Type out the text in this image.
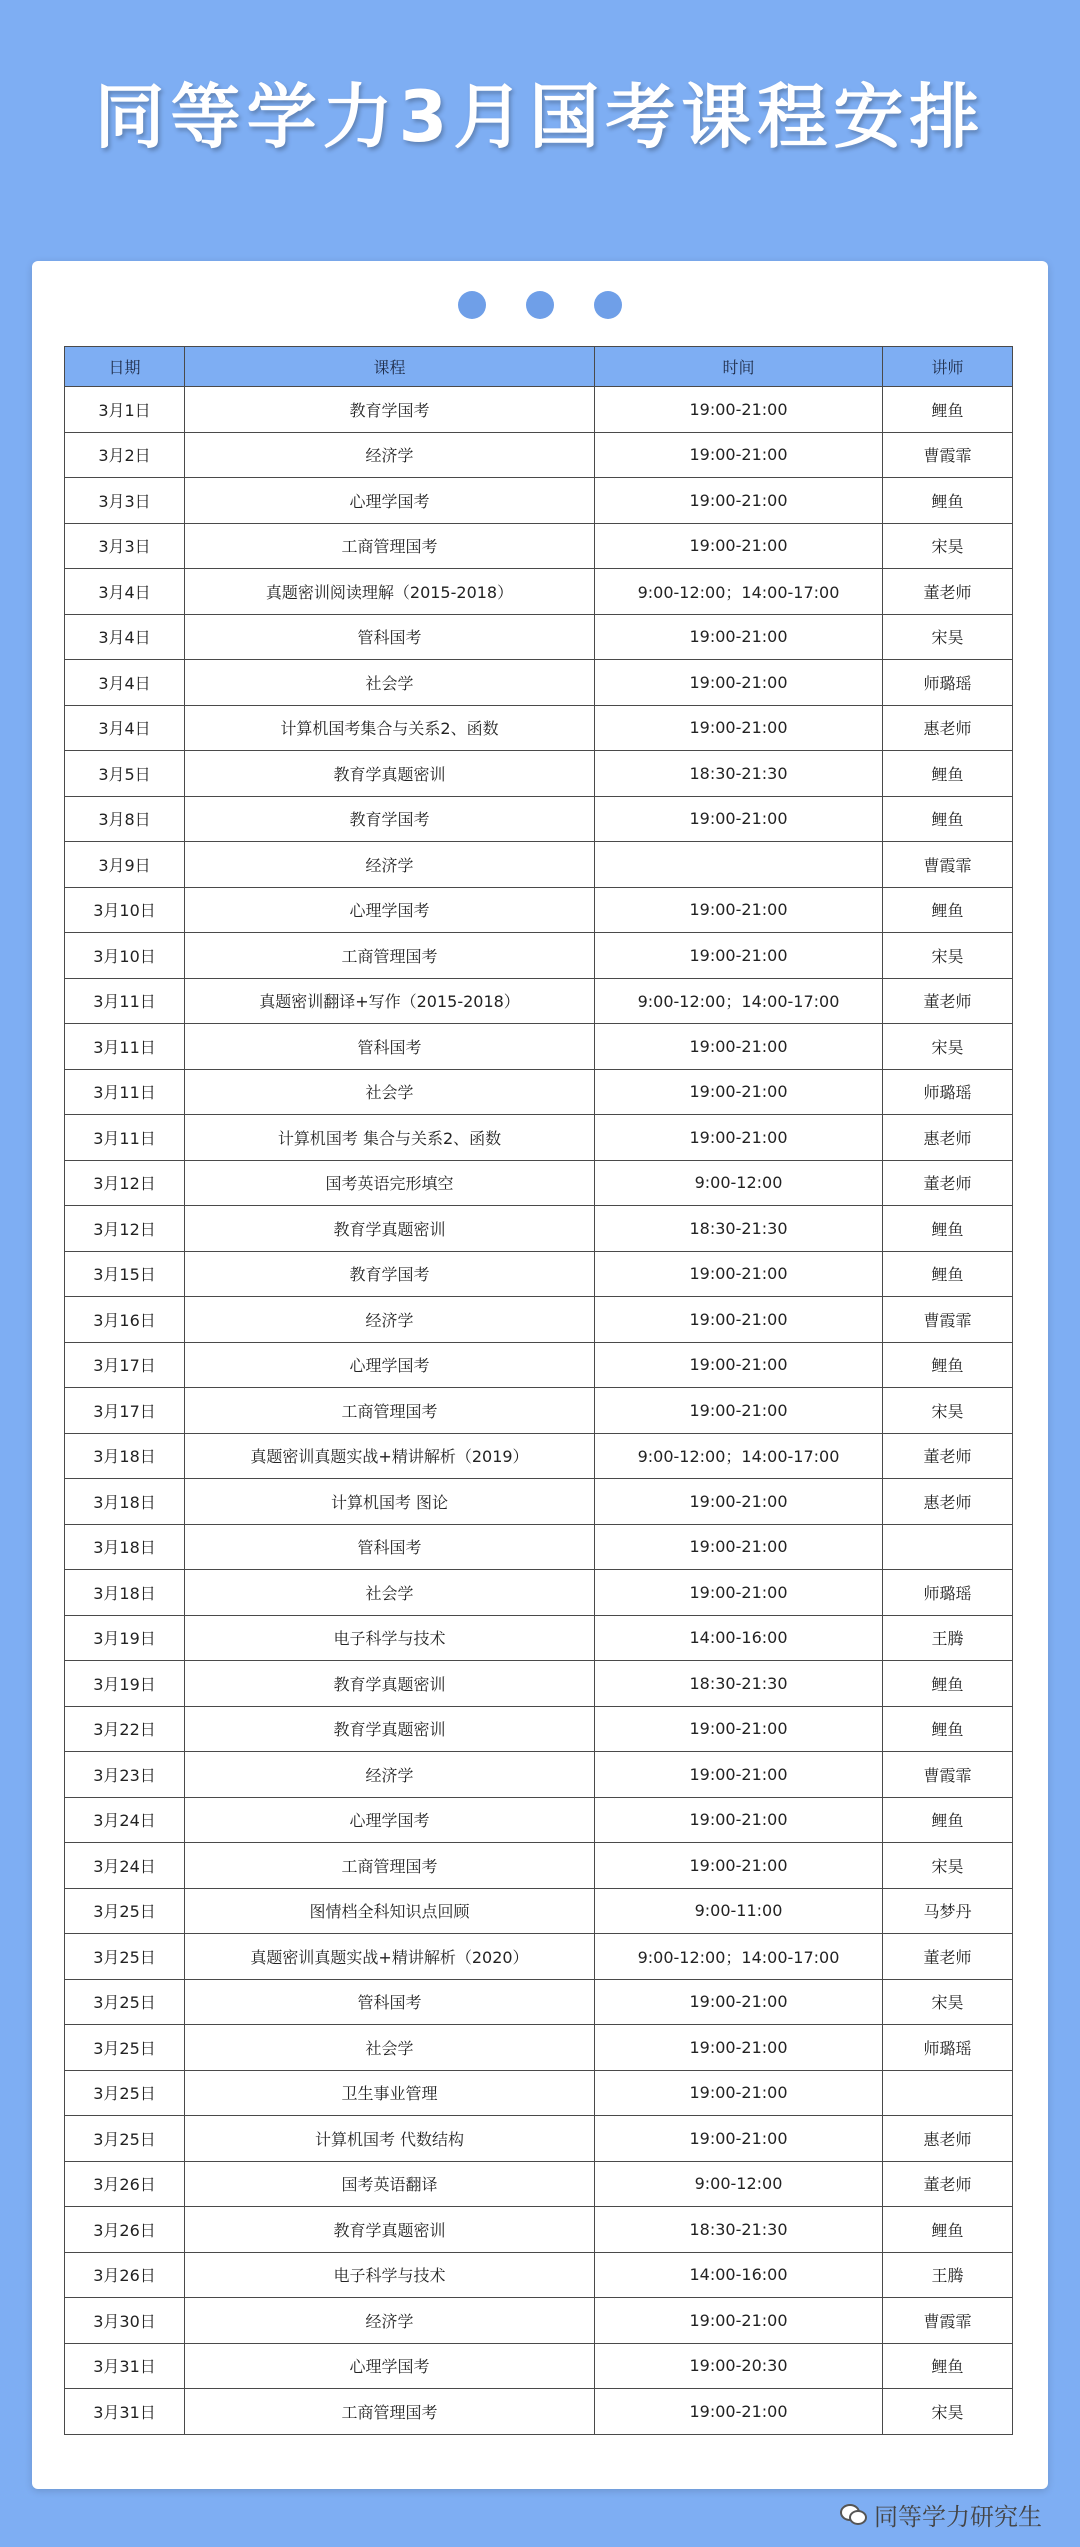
同等学力3月国考课程安排
日期	课程	时间	讲师
3月1日	教育学国考	19:00-21:00	鲤鱼
3月2日	经济学	19:00-21:00	曹霞霏
3月3日	心理学国考	19:00-21:00	鲤鱼
3月3日	工商管理国考	19:00-21:00	宋昊
3月4日	真题密训阅读理解（2015-2018）	9:00-12:00；14:00-17:00	董老师
3月4日	管科国考	19:00-21:00	宋昊
3月4日	社会学	19:00-21:00	师璐瑶
3月4日	计算机国考集合与关系2、函数	19:00-21:00	惠老师
3月5日	教育学真题密训	18:30-21:30	鲤鱼
3月8日	教育学国考	19:00-21:00	鲤鱼
3月9日	经济学		曹霞霏
3月10日	心理学国考	19:00-21:00	鲤鱼
3月10日	工商管理国考	19:00-21:00	宋昊
3月11日	真题密训翻译+写作（2015-2018）	9:00-12:00；14:00-17:00	董老师
3月11日	管科国考	19:00-21:00	宋昊
3月11日	社会学	19:00-21:00	师璐瑶
3月11日	计算机国考 集合与关系2、函数	19:00-21:00	惠老师
3月12日	国考英语完形填空	9:00-12:00	董老师
3月12日	教育学真题密训	18:30-21:30	鲤鱼
3月15日	教育学国考	19:00-21:00	鲤鱼
3月16日	经济学	19:00-21:00	曹霞霏
3月17日	心理学国考	19:00-21:00	鲤鱼
3月17日	工商管理国考	19:00-21:00	宋昊
3月18日	真题密训真题实战+精讲解析（2019）	9:00-12:00；14:00-17:00	董老师
3月18日	计算机国考 图论	19:00-21:00	惠老师
3月18日	管科国考	19:00-21:00	
3月18日	社会学	19:00-21:00	师璐瑶
3月19日	电子科学与技术	14:00-16:00	王腾
3月19日	教育学真题密训	18:30-21:30	鲤鱼
3月22日	教育学真题密训	19:00-21:00	鲤鱼
3月23日	经济学	19:00-21:00	曹霞霏
3月24日	心理学国考	19:00-21:00	鲤鱼
3月24日	工商管理国考	19:00-21:00	宋昊
3月25日	图情档全科知识点回顾	9:00-11:00	马梦丹
3月25日	真题密训真题实战+精讲解析（2020）	9:00-12:00；14:00-17:00	董老师
3月25日	管科国考	19:00-21:00	宋昊
3月25日	社会学	19:00-21:00	师璐瑶
3月25日	卫生事业管理	19:00-21:00	
3月25日	计算机国考 代数结构	19:00-21:00	惠老师
3月26日	国考英语翻译	9:00-12:00	董老师
3月26日	教育学真题密训	18:30-21:30	鲤鱼
3月26日	电子科学与技术	14:00-16:00	王腾
3月30日	经济学	19:00-21:00	曹霞霏
3月31日	心理学国考	19:00-20:30	鲤鱼
3月31日	工商管理国考	19:00-21:00	宋昊
同等学力研究生
